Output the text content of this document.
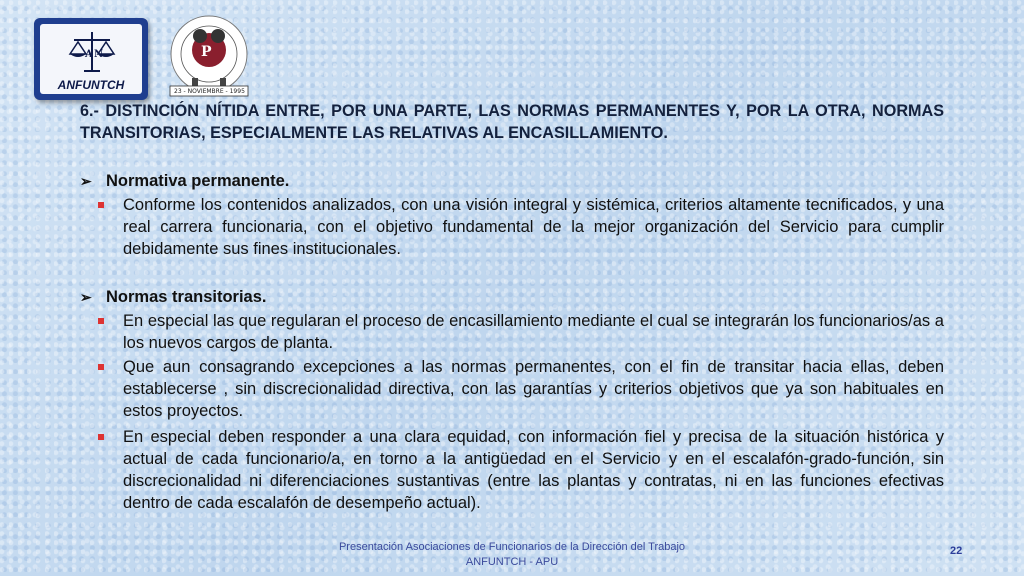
A N
ANFUNTCH
P
23 - NOVIEMBRE - 1995
6.- DISTINCIÓN NÍTIDA ENTRE, POR UNA PARTE, LAS NORMAS PERMANENTES Y, POR LA OTRA, NORMAS TRANSITORIAS, ESPECIALMENTE LAS RELATIVAS AL ENCASILLAMIENTO.
➢ Normativa permanente.
Conforme los contenidos analizados, con una visión integral y sistémica, criterios altamente tecnificados, y una real carrera funcionaria, con el objetivo fundamental de la mejor organización del Servicio para cumplir debidamente sus fines institucionales.
➢ Normas transitorias.
En especial las que regularan el proceso de encasillamiento mediante el cual se integrarán los funcionarios/as a los nuevos cargos de planta.
Que aun consagrando excepciones a las normas permanentes, con el fin de transitar hacia ellas, deben establecerse , sin discrecionalidad directiva, con las garantías y criterios objetivos que ya son habituales en estos proyectos.
En especial deben responder a una clara equidad, con información fiel y precisa de la situación histórica y actual de cada funcionario/a, en torno a la antigüedad en el Servicio y en el escalafón-grado-función, sin discrecionalidad ni diferenciaciones sustantivas (entre las plantas y contratas, ni en las funciones efectivas dentro de cada escalafón de desempeño actual).
Presentación Asociaciones de Funcionarios de la Dirección del Trabajo
ANFUNTCH - APU
22
